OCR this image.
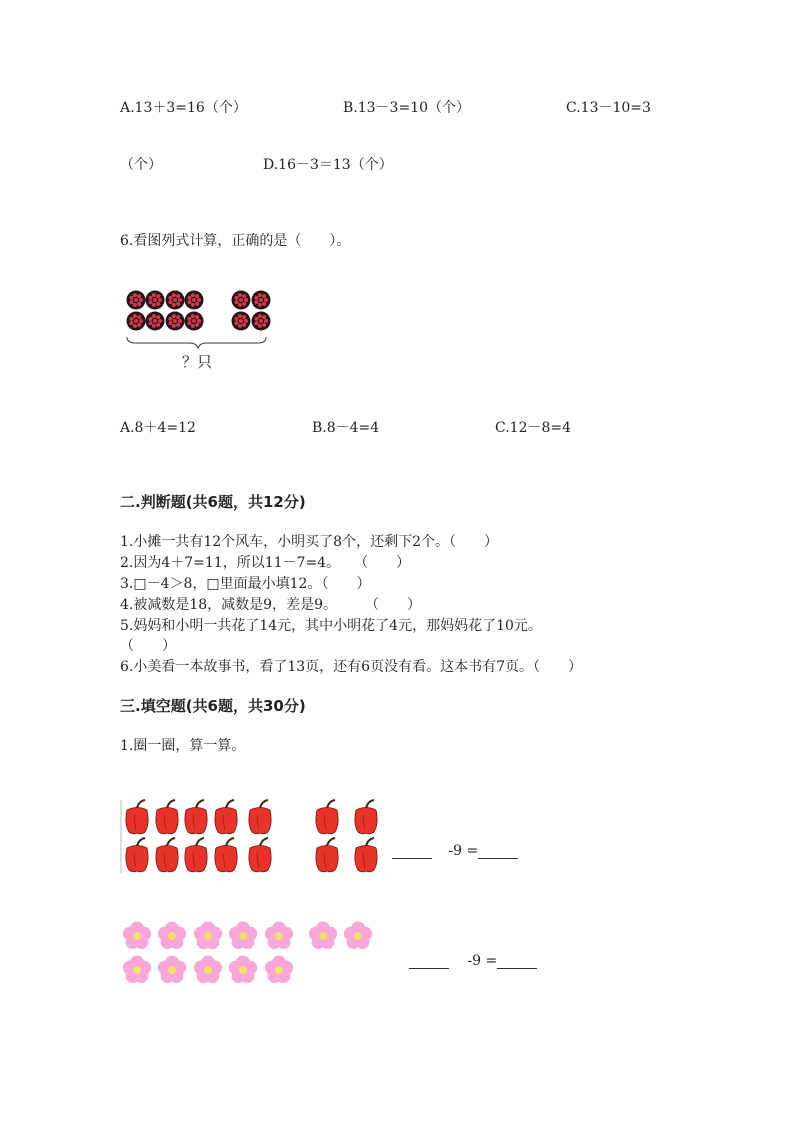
A.13＋3=16（个）	B.13－3=10（个）	C.13－10=3
（个）	D.16－3＝13（个）
6.看图列式计算，正确的是（　　）。
？只
A.8＋4=12	B.8－4=4	C.12－8=4
二.判断题(共6题，共12分)
1.小摊一共有12个风车，小明买了8个，还剩下2个。（　　）
2.因为4＋7=11，所以11－7=4。　　（　　）
3.□－4＞8，□里面最小填12。（　　）
4.被减数是18，减数是9，差是9。　　　（　　）
5.妈妈和小明一共花了14元，其中小明花了4元，那妈妈花了10元。
（　　）
6.小美看一本故事书，看了13页，还有6页没有看。这本书有7页。（　　）
三.填空题(共6题，共30分)
1.圈一圈，算一算。
-9 =
-9 =
